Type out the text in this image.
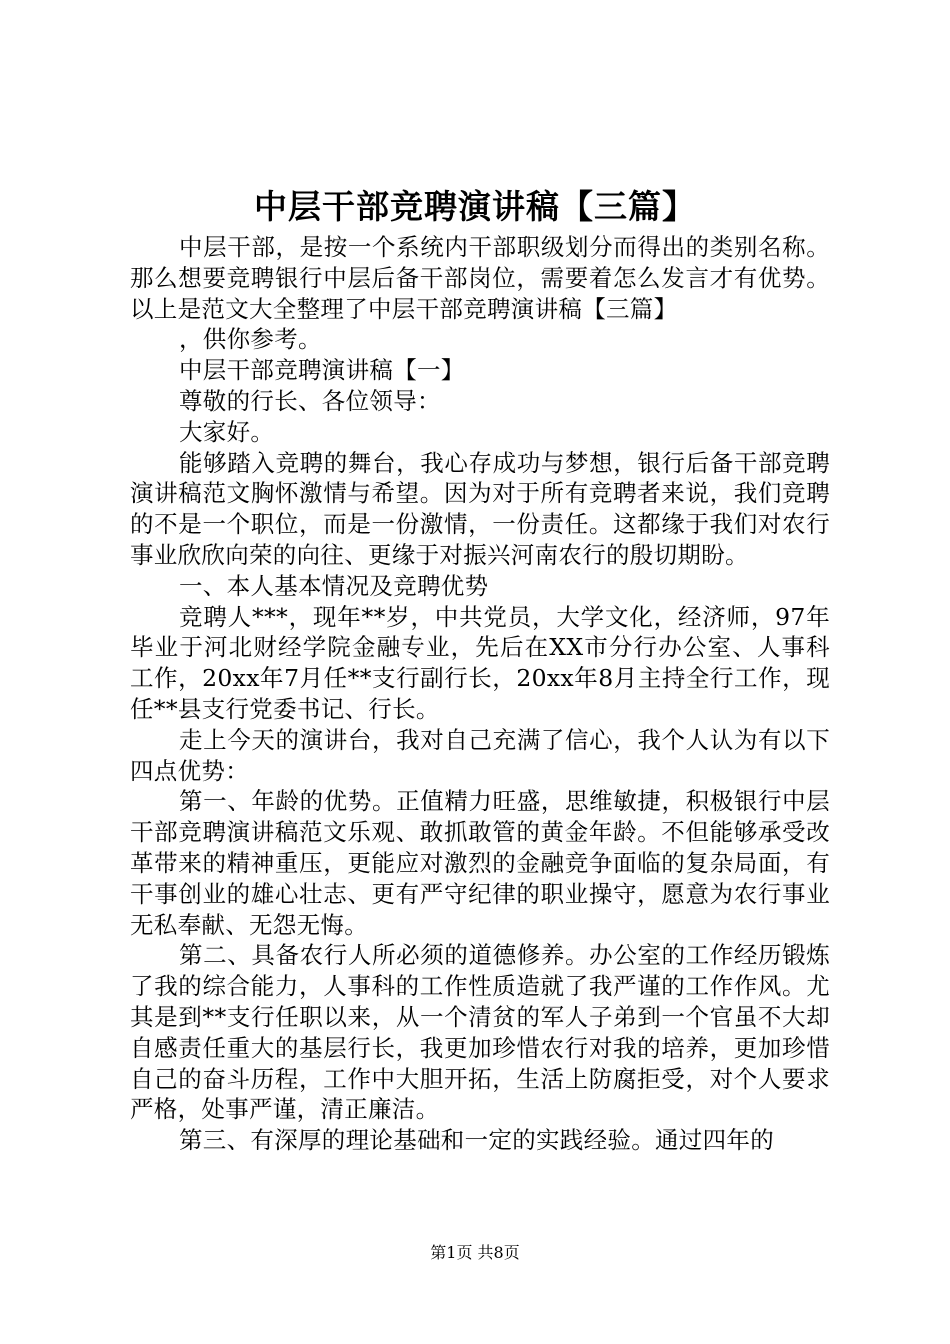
中层干部竞聘演讲稿【三篇】

中层干部，是按一个系统内干部职级划分而得出的类别名称。那么想要竞聘银行中层后备干部岗位，需要着怎么发言才有优势。以上是范文大全整理了中层干部竞聘演讲稿【三篇】

，供你参考。

中层干部竞聘演讲稿【一】

尊敬的行长、各位领导：

大家好。

能够踏入竞聘的舞台，我心存成功与梦想，银行后备干部竞聘演讲稿范文胸怀激情与希望。因为对于所有竞聘者来说，我们竞聘的不是一个职位，而是一份激情，一份责任。这都缘于我们对农行事业欣欣向荣的向往、更缘于对振兴河南农行的殷切期盼。

一、本人基本情况及竞聘优势

竞聘人***，现年**岁，中共党员，大学文化，经济师，97年毕业于河北财经学院金融专业，先后在XX市分行办公室、人事科工作，20xx年7月任**支行副行长，20xx年8月主持全行工作，现任**县支行党委书记、行长。

走上今天的演讲台，我对自己充满了信心，我个人认为有以下四点优势：

第一、年龄的优势。正值精力旺盛，思维敏捷，积极银行中层干部竞聘演讲稿范文乐观、敢抓敢管的黄金年龄。不但能够承受改革带来的精神重压，更能应对激烈的金融竞争面临的复杂局面，有干事创业的雄心壮志、更有严守纪律的职业操守，愿意为农行事业无私奉献、无怨无悔。

第二、具备农行人所必须的道德修养。办公室的工作经历锻炼了我的综合能力，人事科的工作性质造就了我严谨的工作作风。尤其是到**支行任职以来，从一个清贫的军人子弟到一个官虽不大却自感责任重大的基层行长，我更加珍惜农行对我的培养，更加珍惜自己的奋斗历程，工作中大胆开拓，生活上防腐拒受，对个人要求严格，处事严谨，清正廉洁。

第三、有深厚的理论基础和一定的实践经验。通过四年的

第1页 共8页
